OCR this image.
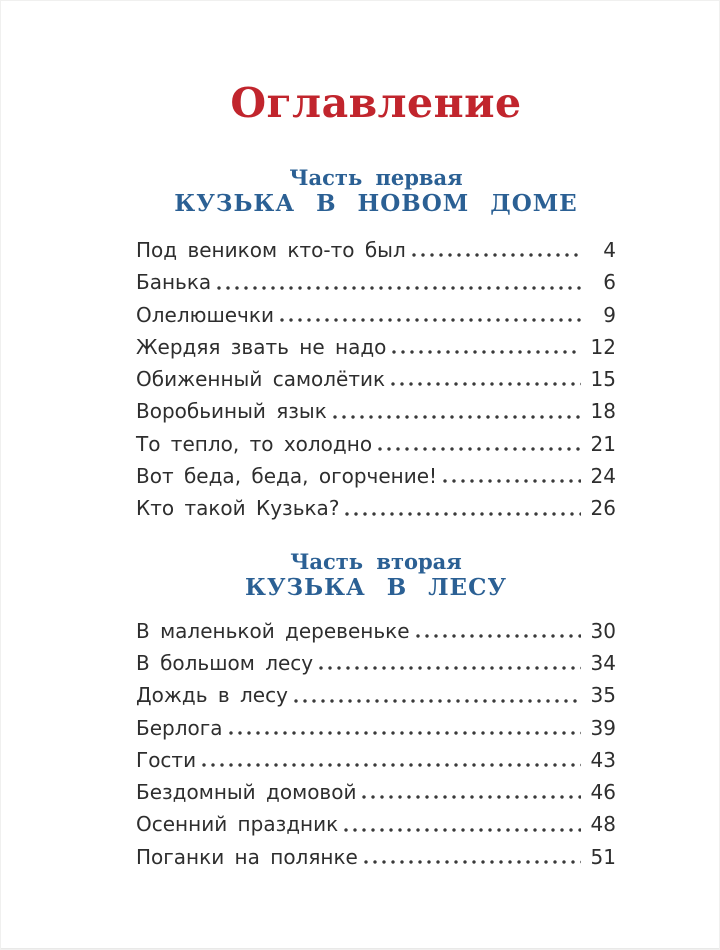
Оглавление
Часть первая
КУЗЬКА В НОВОМ ДОМЕ
Под веником кто-то был	4
Банька	6
Олелюшечки	9
Жердяя звать не надо	12
Обиженный самолётик	15
Воробьиный язык	18
То тепло, то холодно	21
Вот беда, беда, огорчение!	24
Кто такой Кузька?	26
Часть вторая
КУЗЬКА В ЛЕСУ
В маленькой деревеньке	30
В большом лесу	34
Дождь в лесу	35
Берлога	39
Гости	43
Бездомный домовой	46
Осенний праздник	48
Поганки на полянке	51
